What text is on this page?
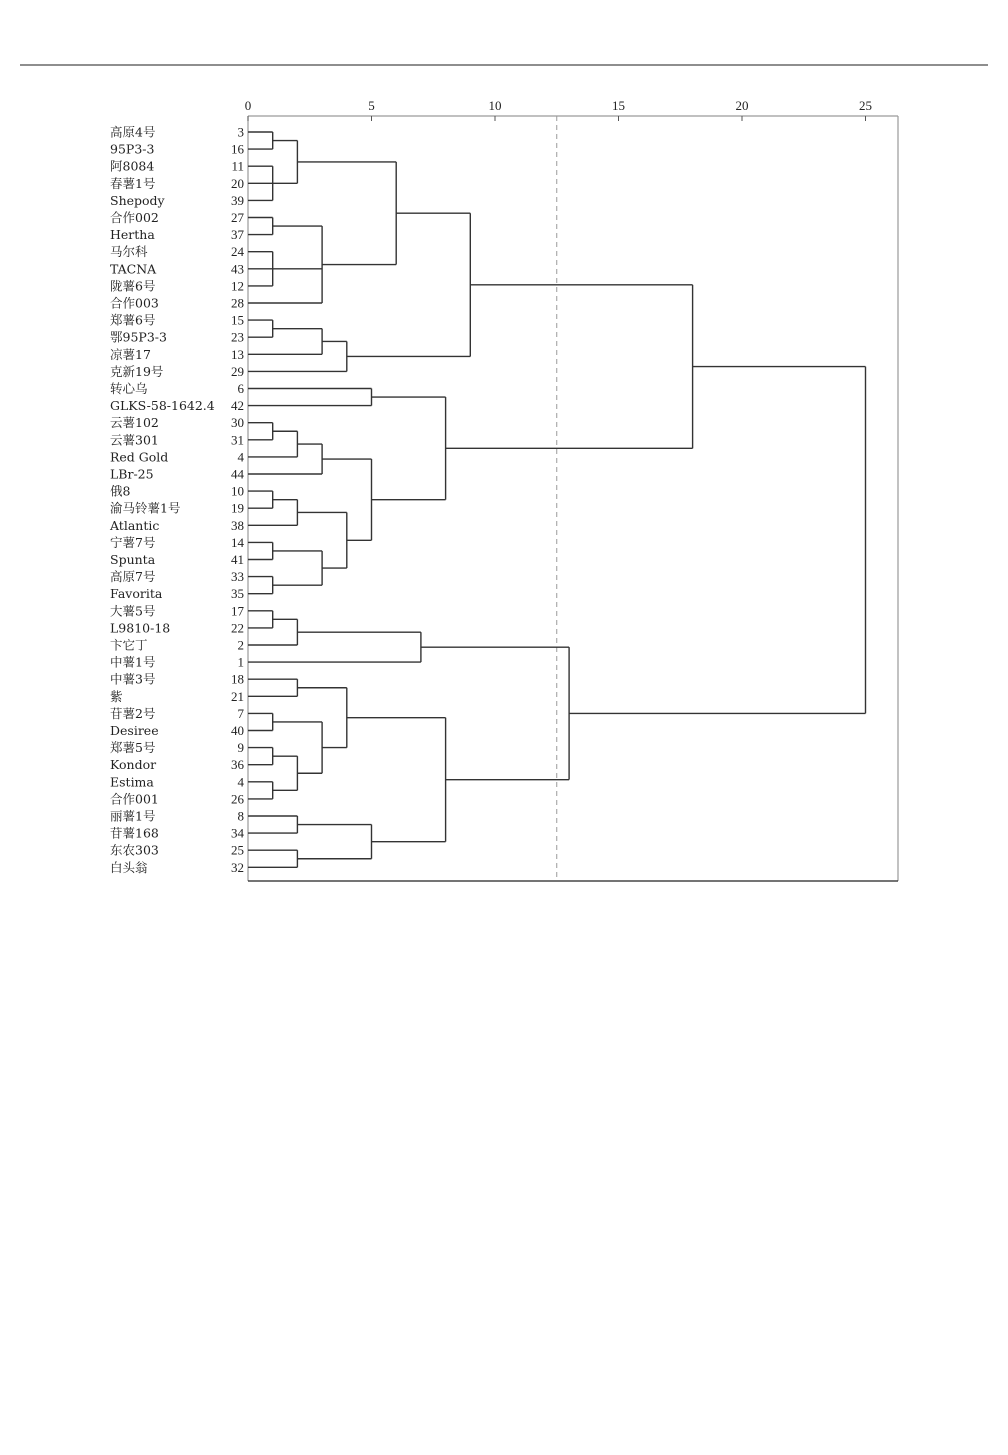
0	5	10	15	20	25
高原4号	3
95P3-3	16
阿8084	11
春薯1号	20
Shepody	39
合作002	27
Hertha	37
马尔科	24
TACNA	43
陇薯6号	12
合作003	28
郑薯6号	15
鄂95P3-3	23
凉薯17	13
克新19号	29
转心乌	6
GLKS-58-1642.4 42
云薯102	30
云薯301	31
Red Gold	4
LBr-25	44
俄8	10
渝马铃薯1号	19
Atlantic	38
宁薯7号	14
Spunta	41
高原7号	33
Favorita	35
大薯5号	17
L9810-18	22
卞它丁	2
中薯1号	1
中薯3号	18
紫	21
苷薯2号	7
Desiree	40
郑薯5号	9
Kondor	36
Estima	4
合作001	26
丽薯1号	8
苷薯168	34
东农303	25
白头翁	32
